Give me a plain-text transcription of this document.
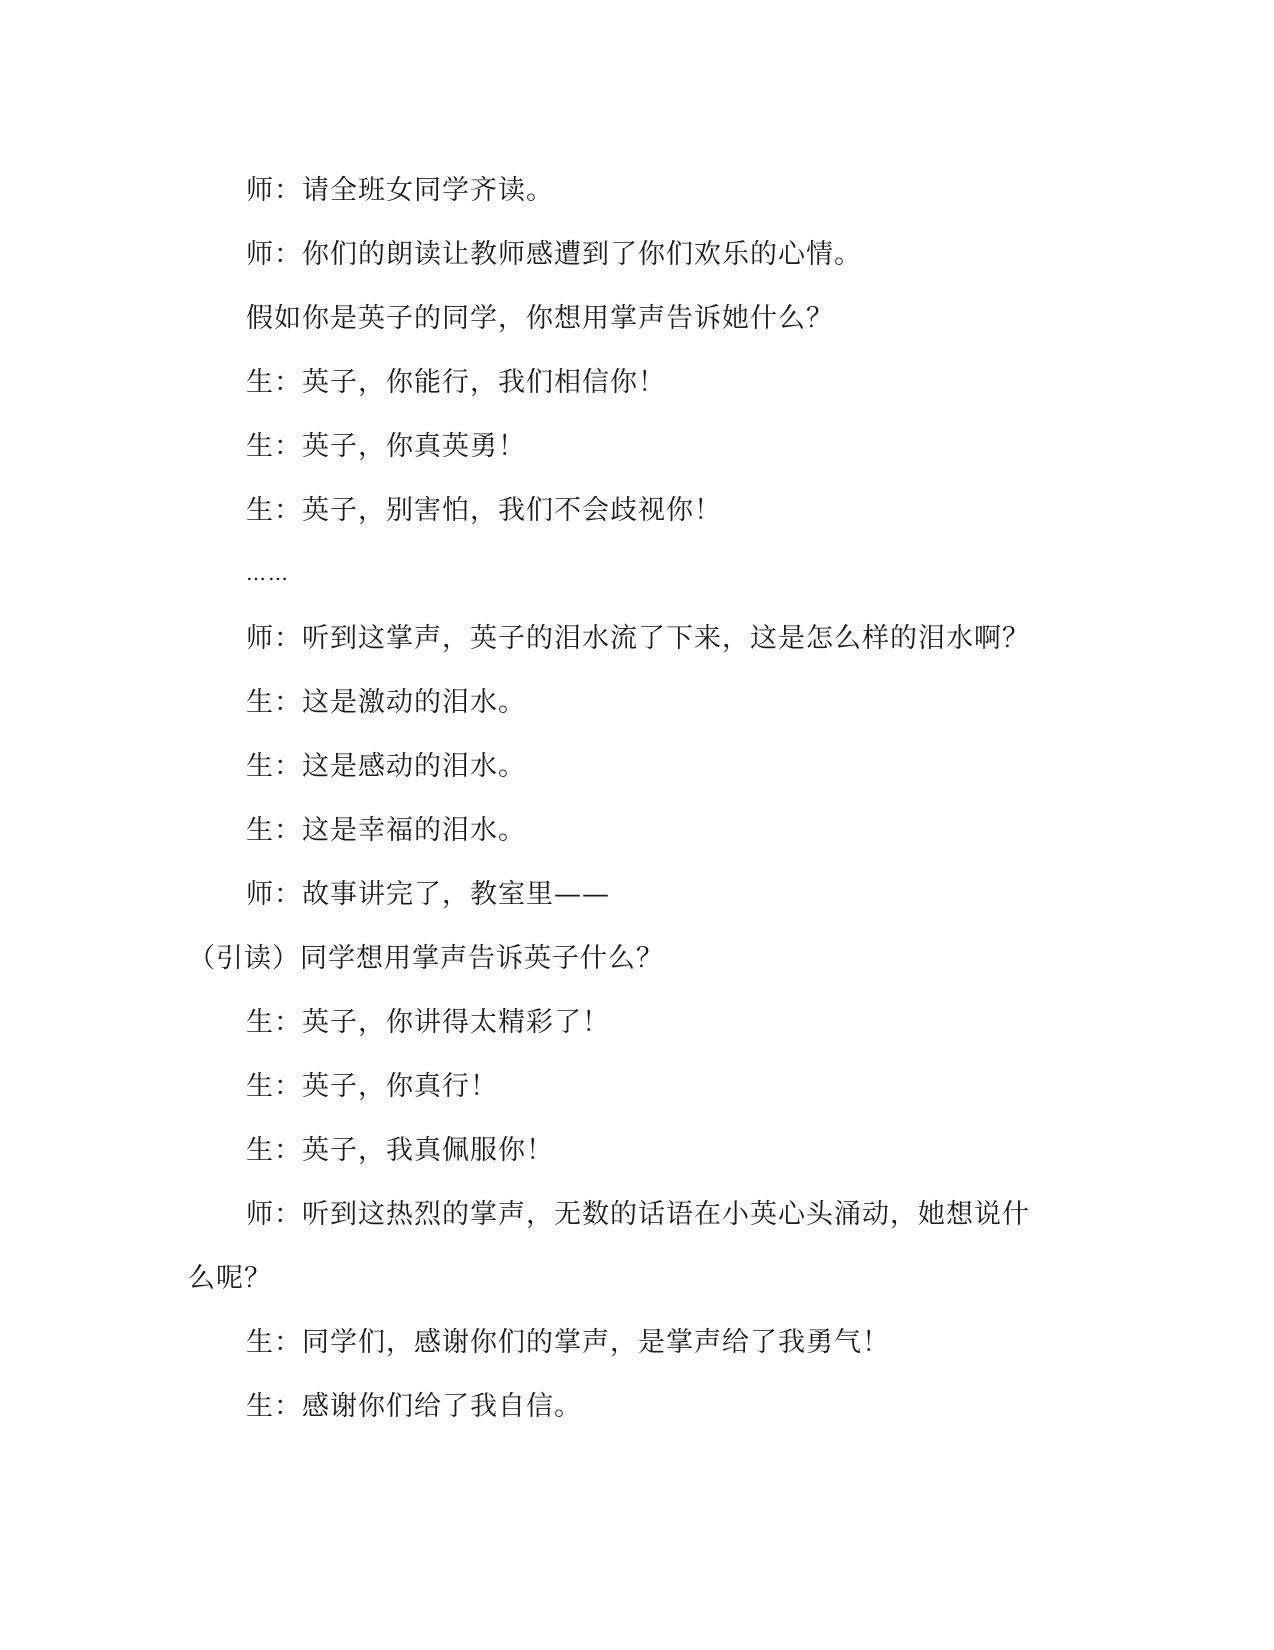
师：请全班女同学齐读。
师：你们的朗读让教师感遭到了你们欢乐的心情。
假如你是英子的同学，你想用掌声告诉她什么？
生：英子，你能行，我们相信你！
生：英子，你真英勇！
生：英子，别害怕，我们不会歧视你！
……
师：听到这掌声，英子的泪水流了下来，这是怎么样的泪水啊？
生：这是激动的泪水。
生：这是感动的泪水。
生：这是幸福的泪水。
师：故事讲完了，教室里——
（引读）同学想用掌声告诉英子什么？
生：英子，你讲得太精彩了！
生：英子，你真行！
生：英子，我真佩服你！
师：听到这热烈的掌声，无数的话语在小英心头涌动，她想说什
么呢？
生：同学们，感谢你们的掌声，是掌声给了我勇气！
生：感谢你们给了我自信。
